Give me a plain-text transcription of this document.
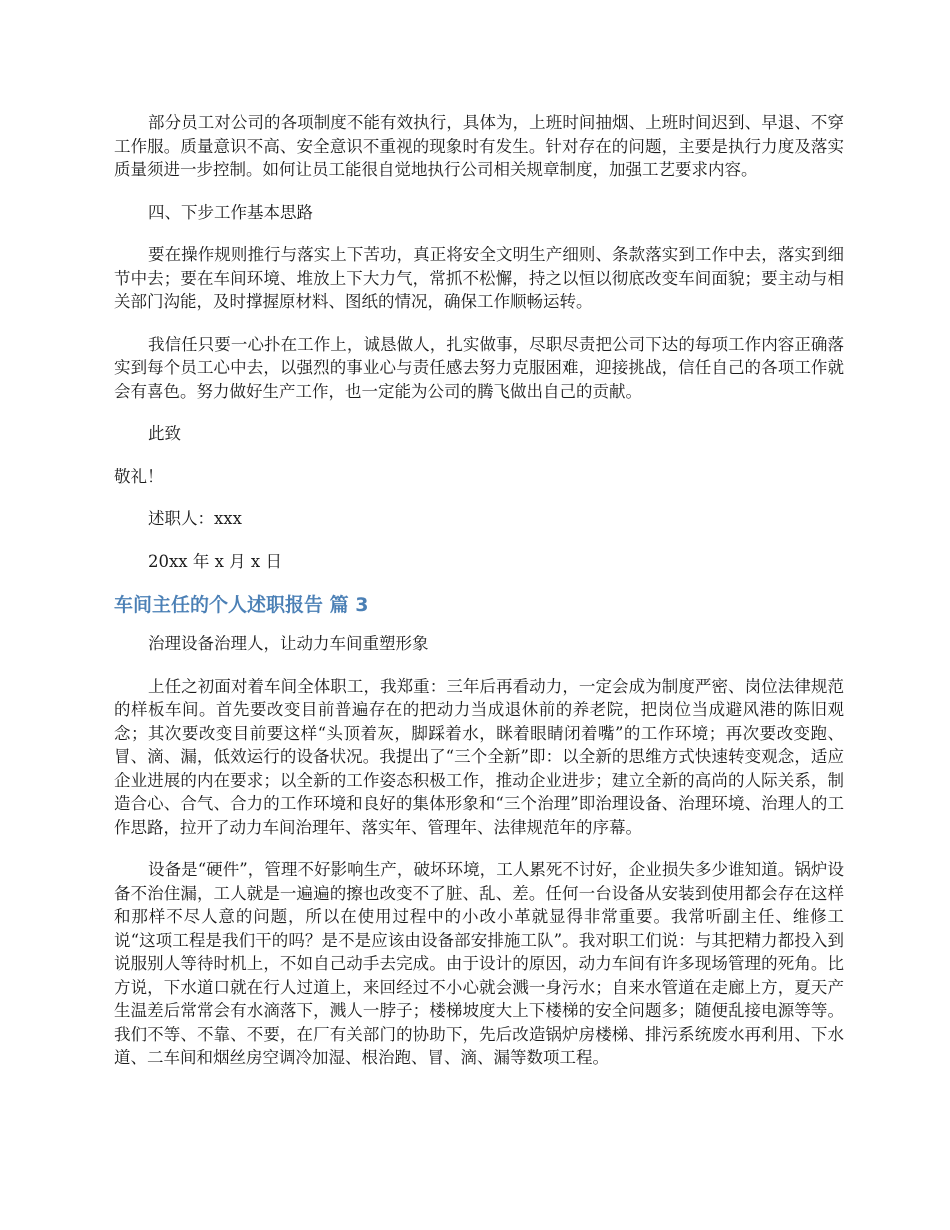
部分员工对公司的各项制度不能有效执行，具体为，上班时间抽烟、上班时间迟到、早退、不穿工作服。质量意识不高、安全意识不重视的现象时有发生。针对存在的问题，主要是执行力度及落实质量须进一步控制。如何让员工能很自觉地执行公司相关规章制度，加强工艺要求内容。

四、下步工作基本思路

要在操作规则推行与落实上下苦功，真正将安全文明生产细则、条款落实到工作中去，落实到细节中去；要在车间环境、堆放上下大力气，常抓不松懈，持之以恒以彻底改变车间面貌；要主动与相关部门沟能，及时撑握原材料、图纸的情况，确保工作顺畅运转。

我信任只要一心扑在工作上，诚恳做人，扎实做事，尽职尽责把公司下达的每项工作内容正确落实到每个员工心中去，以强烈的事业心与责任感去努力克服困难，迎接挑战，信任自己的各项工作就会有喜色。努力做好生产工作，也一定能为公司的腾飞做出自己的贡献。

此致

敬礼！

述职人：xxx

20xx 年 x 月 x 日

车间主任的个人述职报告 篇 3

治理设备治理人，让动力车间重塑形象

上任之初面对着车间全体职工，我郑重：三年后再看动力，一定会成为制度严密、岗位法律规范的样板车间。首先要改变目前普遍存在的把动力当成退休前的养老院，把岗位当成避风港的陈旧观念；其次要改变目前要这样“头顶着灰，脚踩着水，眯着眼睛闭着嘴”的工作环境；再次要改变跑、冒、滴、漏，低效运行的设备状况。我提出了“三个全新”即：以全新的思维方式快速转变观念，适应企业进展的内在要求；以全新的工作姿态积极工作，推动企业进步；建立全新的高尚的人际关系，制造合心、合气、合力的工作环境和良好的集体形象和“三个治理”即治理设备、治理环境、治理人的工作思路，拉开了动力车间治理年、落实年、管理年、法律规范年的序幕。

设备是“硬件”，管理不好影响生产，破坏环境，工人累死不讨好，企业损失多少谁知道。锅炉设备不治住漏，工人就是一遍遍的擦也改变不了脏、乱、差。任何一台设备从安装到使用都会存在这样和那样不尽人意的问题，所以在使用过程中的小改小革就显得非常重要。我常听副主任、维修工说“这项工程是我们干的吗？是不是应该由设备部安排施工队”。我对职工们说：与其把精力都投入到说服别人等待时机上，不如自己动手去完成。由于设计的原因，动力车间有许多现场管理的死角。比方说，下水道口就在行人过道上，来回经过不小心就会溅一身污水；自来水管道在走廊上方，夏天产生温差后常常会有水滴落下，溅人一脖子；楼梯坡度大上下楼梯的安全问题多；随便乱接电源等等。我们不等、不靠、不要，在厂有关部门的协助下，先后改造锅炉房楼梯、排污系统废水再利用、下水道、二车间和烟丝房空调冷加湿、根治跑、冒、滴、漏等数项工程。
